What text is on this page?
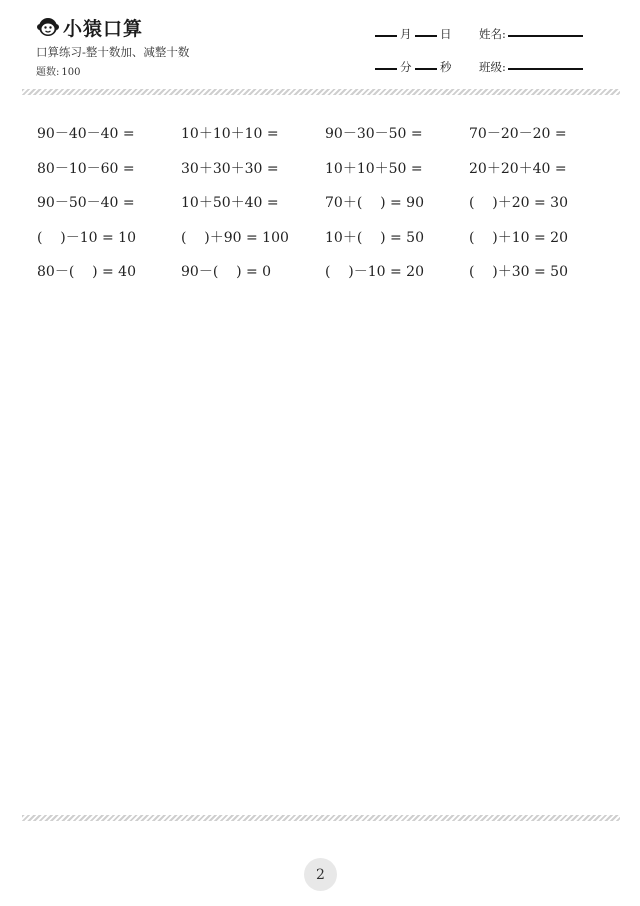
小猿口算
口算练习-整十数加、减整十数
题数: 100
月 日
分 秒
姓名:
班级:
90－40－40 =	10＋10＋10 =	90－30－50 =	70－20－20 =
80－10－60 =	30＋30＋30 =	10＋10＋50 =	20＋20＋40 =
90－50－40 =	10＋50＋40 =	70＋(    ) = 90	(    )＋20 = 30
(    )－10 = 10	(    )＋90 = 100	10＋(    ) = 50	(    )＋10 = 20
80－(    ) = 40	90－(    ) = 0	(    )－10 = 20	(    )＋30 = 50
2
